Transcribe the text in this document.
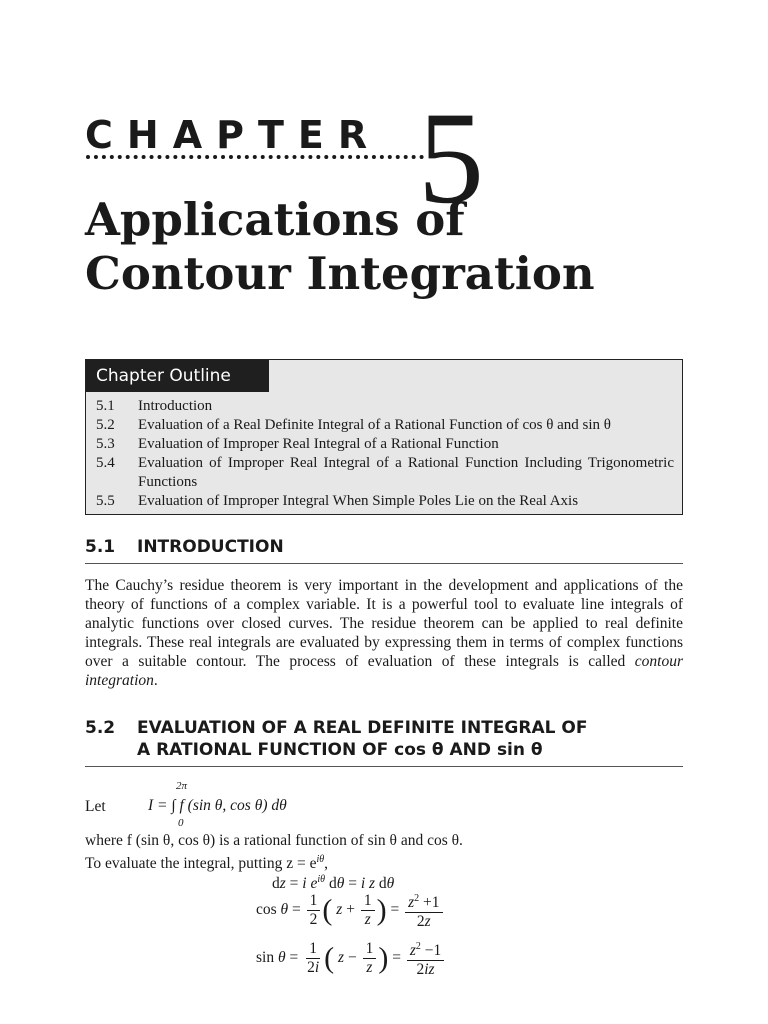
CHAPTER 5
Applications of
Contour Integration
Chapter Outline
5.1	Introduction
5.2	Evaluation of a Real Definite Integral of a Rational Function of cos θ and sin θ
5.3	Evaluation of Improper Real Integral of a Rational Function
5.4	Evaluation of Improper Real Integral of a Rational Function Including Trigonometric Functions
5.5	Evaluation of Improper Integral When Simple Poles Lie on the Real Axis
5.1	INTRODUCTION

The Cauchy’s residue theorem is very important in the development and applications of the theory of functions of a complex variable. It is a powerful tool to evaluate line integrals of analytic functions over closed curves. The residue theorem can be applied to real definite integrals. These real integrals are evaluated by expressing them in terms of complex functions over a suitable contour. The process of evaluation of these integrals is called contour integration.

5.2	EVALUATION OF A REAL DEFINITE INTEGRAL OF
A RATIONAL FUNCTION OF cos θ AND sin θ
Let
2π
0
I = ∫ f (sin θ, cos θ) dθ
where f (sin θ, cos θ) is a rational function of sin θ and cos θ.
To evaluate the integral, putting $z = e^{i\theta}$,
dz = i $e^{i\theta}$ dθ = i z dθ
$\cos \theta = \frac{1}{2}$ ( $z + \frac{1}{z}$ ) = $\frac{z^2 +1}{2z}$
$\sin \theta = \frac{1}{2i}$ ( $z - \frac{1}{z}$ ) = $\frac{z^2 -1}{2iz}$
